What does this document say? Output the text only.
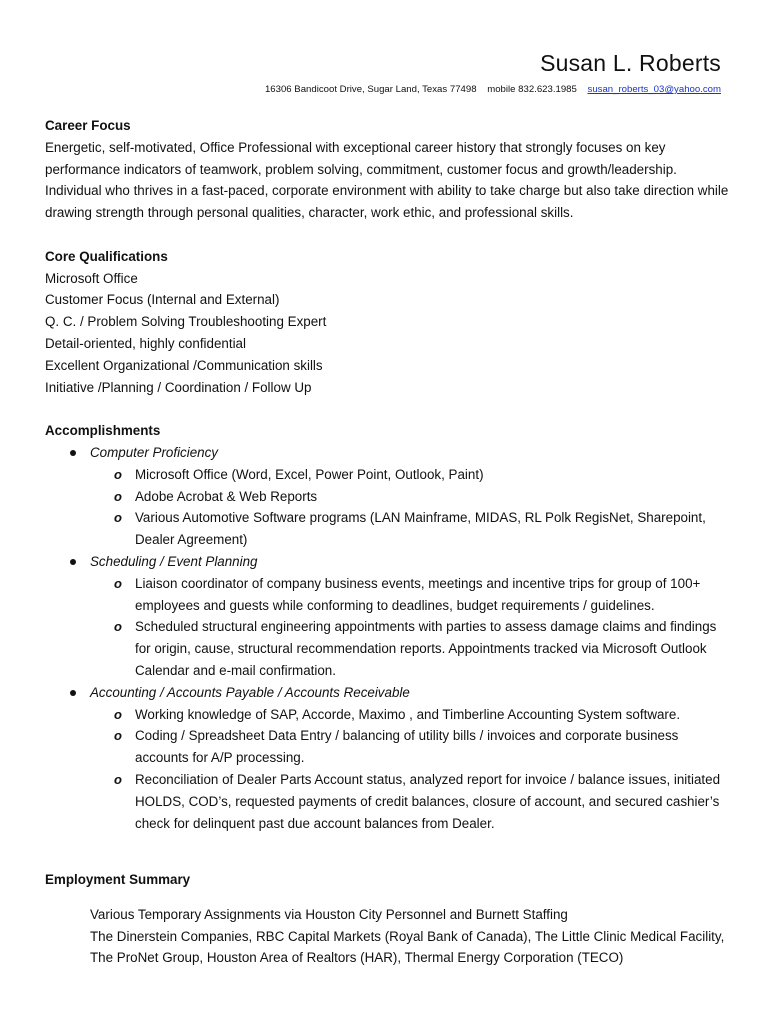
Susan L. Roberts
16306 Bandicoot Drive, Sugar Land, Texas 77498 mobile 832.623.1985 susan_roberts_03@yahoo.com

Career Focus

Energetic, self-motivated, Office Professional with exceptional career history that strongly focuses on key performance indicators of teamwork, problem solving, commitment, customer focus and growth/leadership. Individual who thrives in a fast-paced, corporate environment with ability to take charge but also take direction while drawing strength through personal qualities, character, work ethic, and professional skills.

Core Qualifications

Microsoft Office
Customer Focus (Internal and External)
Q. C. / Problem Solving Troubleshooting Expert
Detail-oriented, highly confidential
Excellent Organizational /Communication skills
Initiative /Planning / Coordination / Follow Up

Accomplishments

Computer Proficiency
o Microsoft Office (Word, Excel, Power Point, Outlook, Paint)
o Adobe Acrobat & Web Reports
o Various Automotive Software programs (LAN Mainframe, MIDAS, RL Polk RegisNet, Sharepoint, Dealer Agreement)
Scheduling / Event Planning
o Liaison coordinator of company business events, meetings and incentive trips for group of 100+ employees and guests while conforming to deadlines, budget requirements / guidelines.
o Scheduled structural engineering appointments with parties to assess damage claims and findings for origin, cause, structural recommendation reports. Appointments tracked via Microsoft Outlook Calendar and e-mail confirmation.
Accounting / Accounts Payable / Accounts Receivable
o Working knowledge of SAP, Accorde, Maximo , and Timberline Accounting System software.
o Coding / Spreadsheet Data Entry / balancing of utility bills / invoices and corporate business accounts for A/P processing.
o Reconciliation of Dealer Parts Account status, analyzed report for invoice / balance issues, initiated HOLDS, COD’s, requested payments of credit balances, closure of account, and secured cashier’s check for delinquent past due account balances from Dealer.

Employment Summary

Various Temporary Assignments via Houston City Personnel and Burnett Staffing
The Dinerstein Companies, RBC Capital Markets (Royal Bank of Canada), The Little Clinic Medical Facility, The ProNet Group, Houston Area of Realtors (HAR), Thermal Energy Corporation (TECO)
